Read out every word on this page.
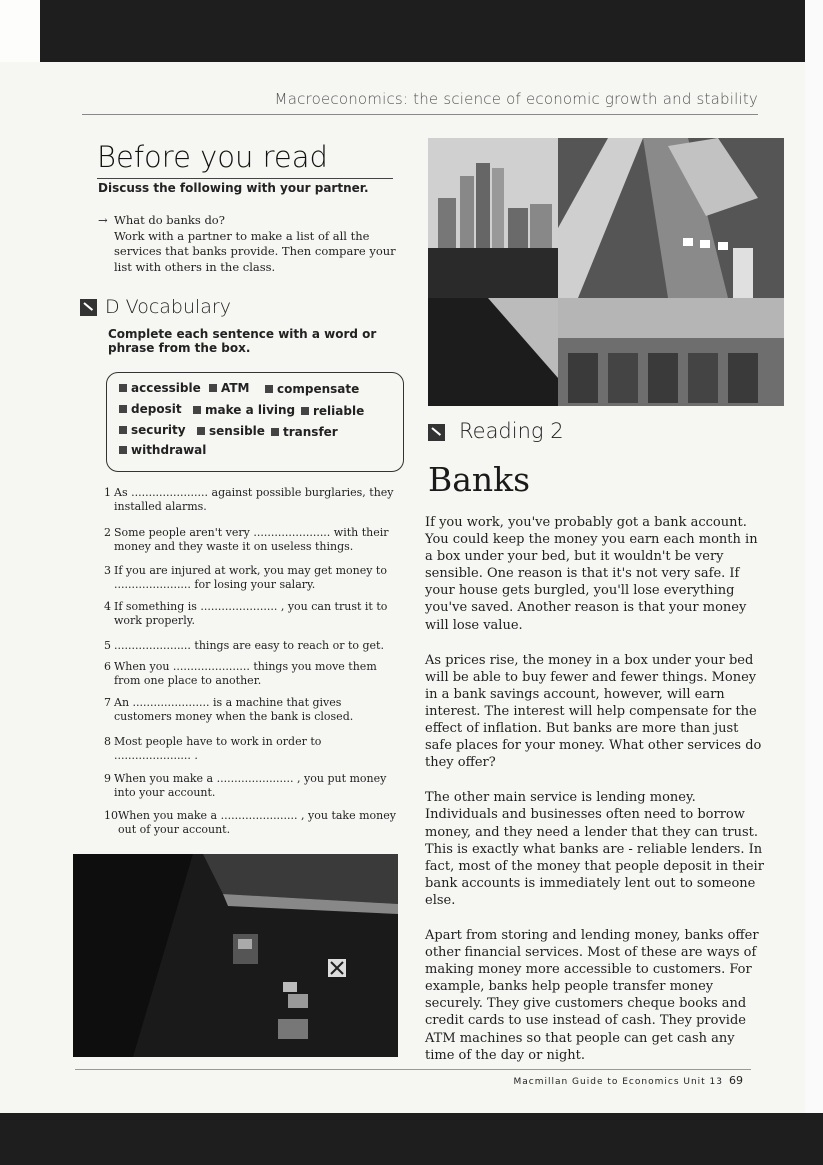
Macroeconomics: the science of economic growth and stability
Before you read
Discuss the following with your partner.
→ What do banks do?
Work with a partner to make a list of all the services that banks provide. Then compare your list with others in the class.
D Vocabulary
Complete each sentence with a word or phrase from the box.
accessible	ATM	compensate
deposit	make a living	reliable
security	sensible	transfer
withdrawal
1 As ...................... against possible burglaries, they installed alarms.
2 Some people aren't very ...................... with their money and they waste it on useless things.
3 If you are injured at work, you may get money to ...................... for losing your salary.
4 If something is ...................... , you can trust it to work properly.
5 ...................... things are easy to reach or to get.
6 When you ...................... things you move them from one place to another.
7 An ...................... is a machine that gives customers money when the bank is closed.
8 Most people have to work in order to ...................... .
9 When you make a ...................... , you put money into your account.
10 When you make a ...................... , you take money out of your account.
Reading 2
Banks

If you work, you've probably got a bank account. You could keep the money you earn each month in a box under your bed, but it wouldn't be very sensible. One reason is that it's not very safe. If your house gets burgled, you'll lose everything you've saved. Another reason is that your money will lose value.

As prices rise, the money in a box under your bed will be able to buy fewer and fewer things. Money in a bank savings account, however, will earn interest. The interest will help compensate for the effect of inflation. But banks are more than just safe places for your money. What other services do they offer?

The other main service is lending money. Individuals and businesses often need to borrow money, and they need a lender that they can trust. This is exactly what banks are - reliable lenders. In fact, most of the money that people deposit in their bank accounts is immediately lent out to someone else.

Apart from storing and lending money, banks offer other financial services. Most of these are ways of making money more accessible to customers. For example, banks help people transfer money securely. They give customers cheque books and credit cards to use instead of cash. They provide ATM machines so that people can get cash any time of the day or night.

Macmillan Guide to Economics Unit 13 69
